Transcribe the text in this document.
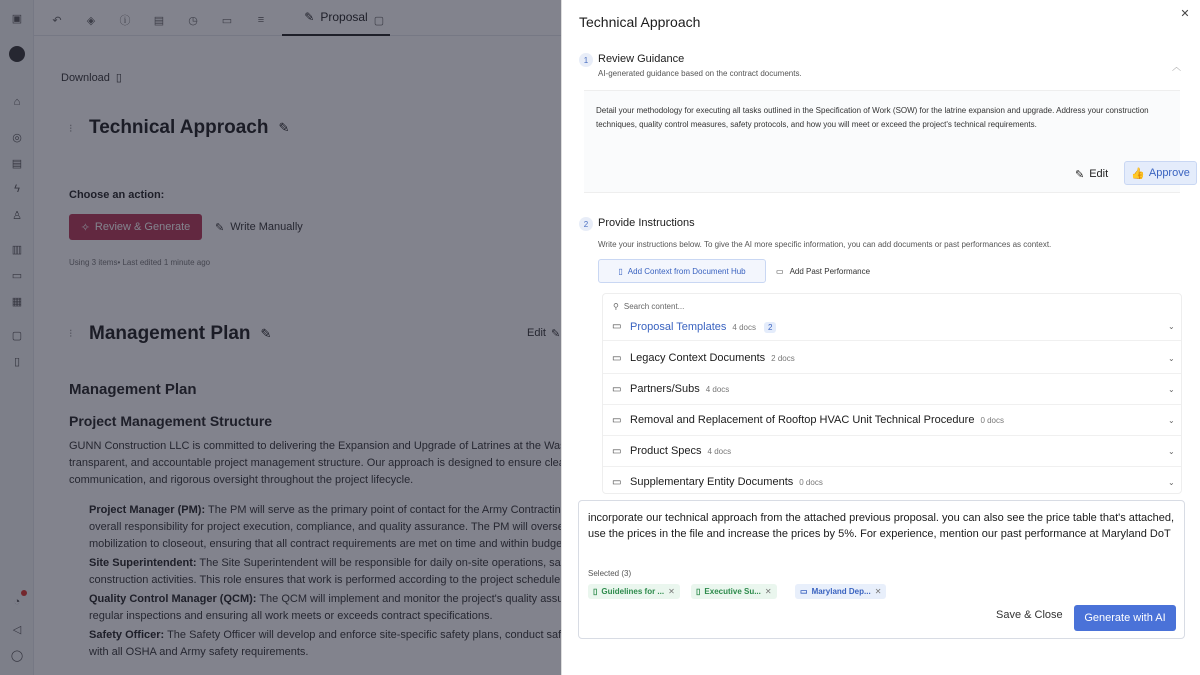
Technical Approach
✕
1 Review Guidance
AI-generated guidance based on the contract documents.
︿
Detail your methodology for executing all tasks outlined in the Specification of Work (SOW) for the latrine expansion and upgrade. Address your construction techniques, quality control measures, safety protocols, and how you will meet or exceed the project's technical requirements.
✎ Edit 👍 Approve
2 Provide Instructions
Write your instructions below. To give the AI more specific information, you can add documents or past performances as context.
▯ Add Context from Document Hub	▭ Add Past Performance
⚲ Search content...
▭ Proposal Templates 4 docs 2	⌄
▭ Legacy Context Documents 2 docs	⌄
▭ Partners/Subs 4 docs	⌄
▭ Removal and Replacement of Rooftop HVAC Unit Technical Procedure 0 docs	⌄
▭ Product Specs 4 docs	⌄
▭ Supplementary Entity Documents 0 docs	⌄
incorporate our technical approach from the attached previous proposal. you can also see the price table that's attached, use the prices in the file and increase the prices by 5%. For experience, mention our past performance at Maryland DoT
Selected (3)
▯ Guidelines for ... ✕	▯ Executive Su... ✕	▭ Maryland Dep... ✕
Save & Close	Generate with AI
